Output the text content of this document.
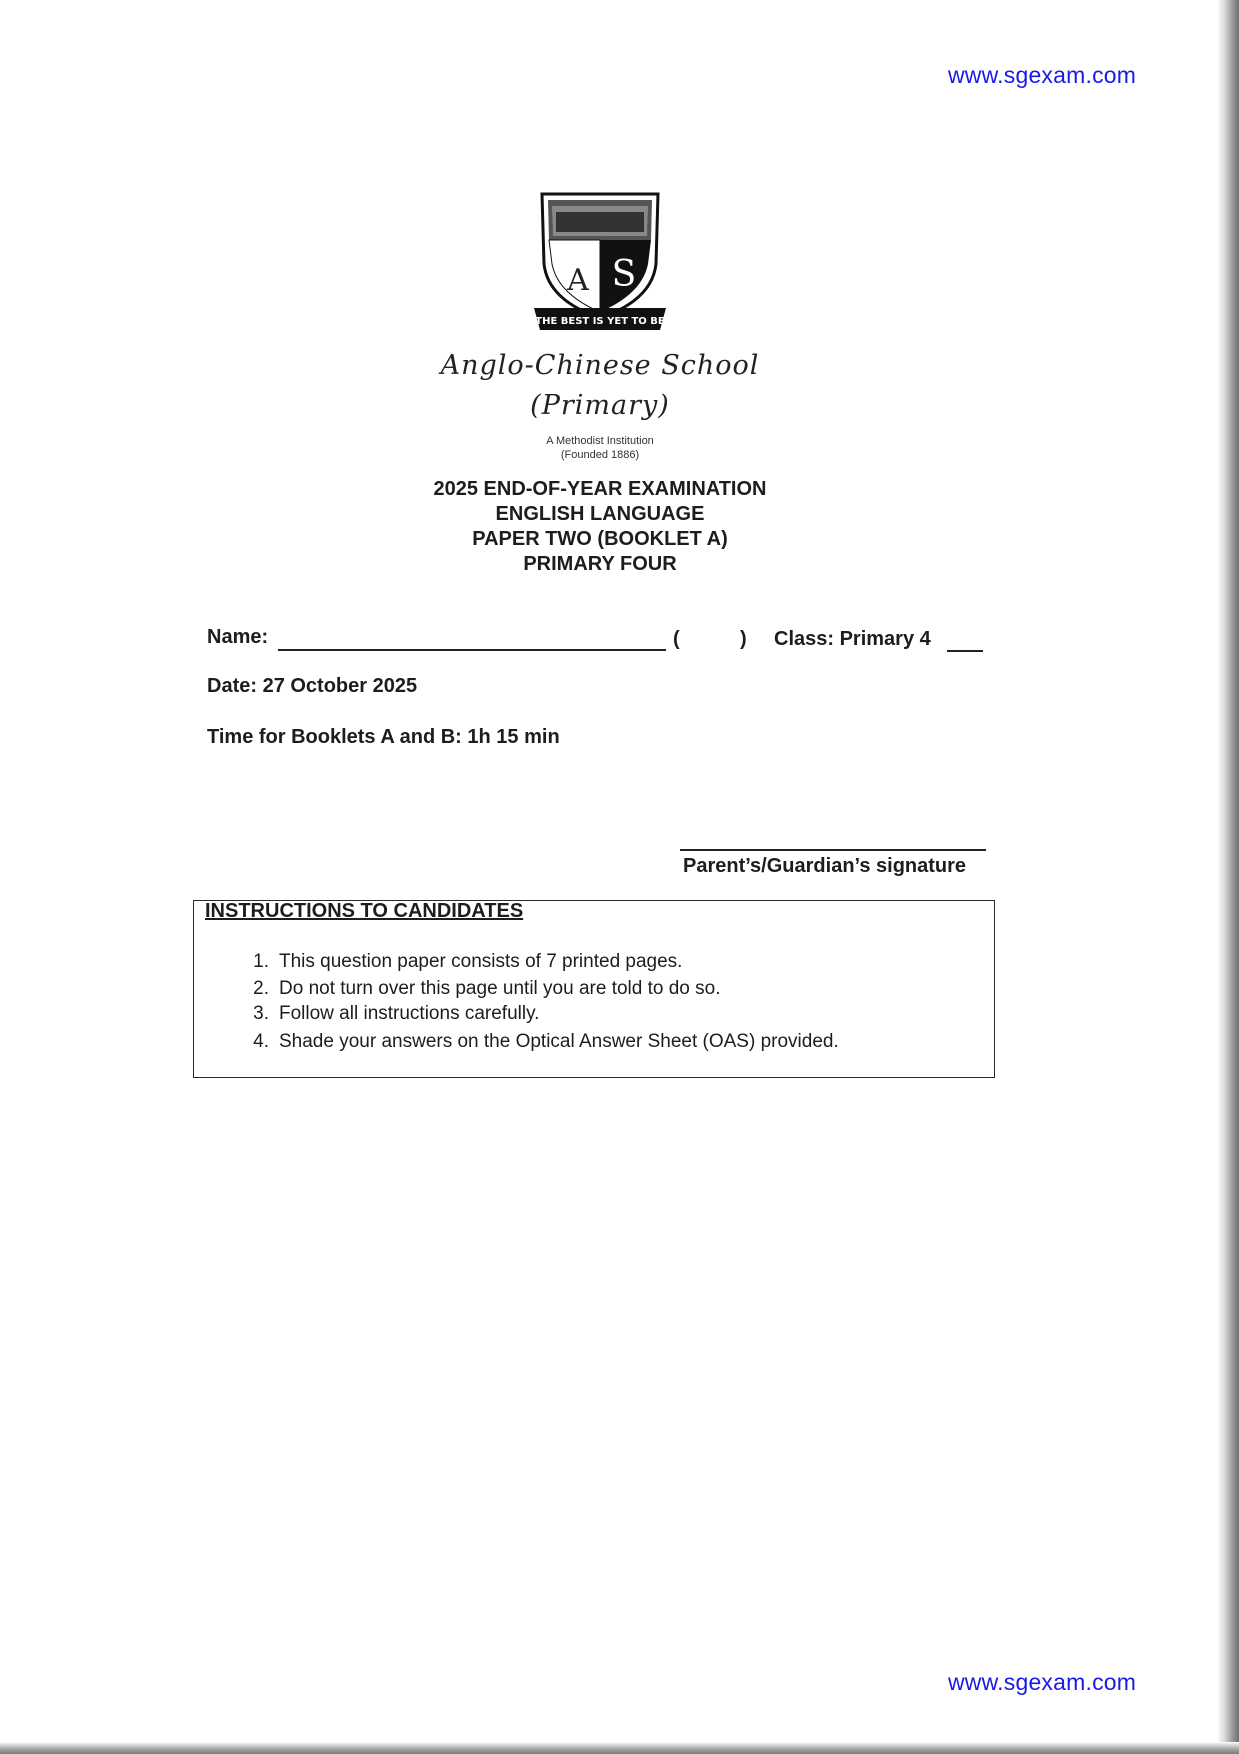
www.sgexam.com
S
A
THE BEST IS YET TO BE
Anglo-Chinese School
(Primary)
A Methodist Institution
(Founded 1886)
2025 END-OF-YEAR EXAMINATION
ENGLISH LANGUAGE
PAPER TWO (BOOKLET A)
PRIMARY FOUR
Name:	(	) Class: Primary 4
Date: 27 October 2025
Time for Booklets A and B: 1h 15 min
Parent’s/Guardian’s signature
INSTRUCTIONS TO CANDIDATES
1. This question paper consists of 7 printed pages.
2. Do not turn over this page until you are told to do so.
3. Follow all instructions carefully.
4. Shade your answers on the Optical Answer Sheet (OAS) provided.
www.sgexam.com
